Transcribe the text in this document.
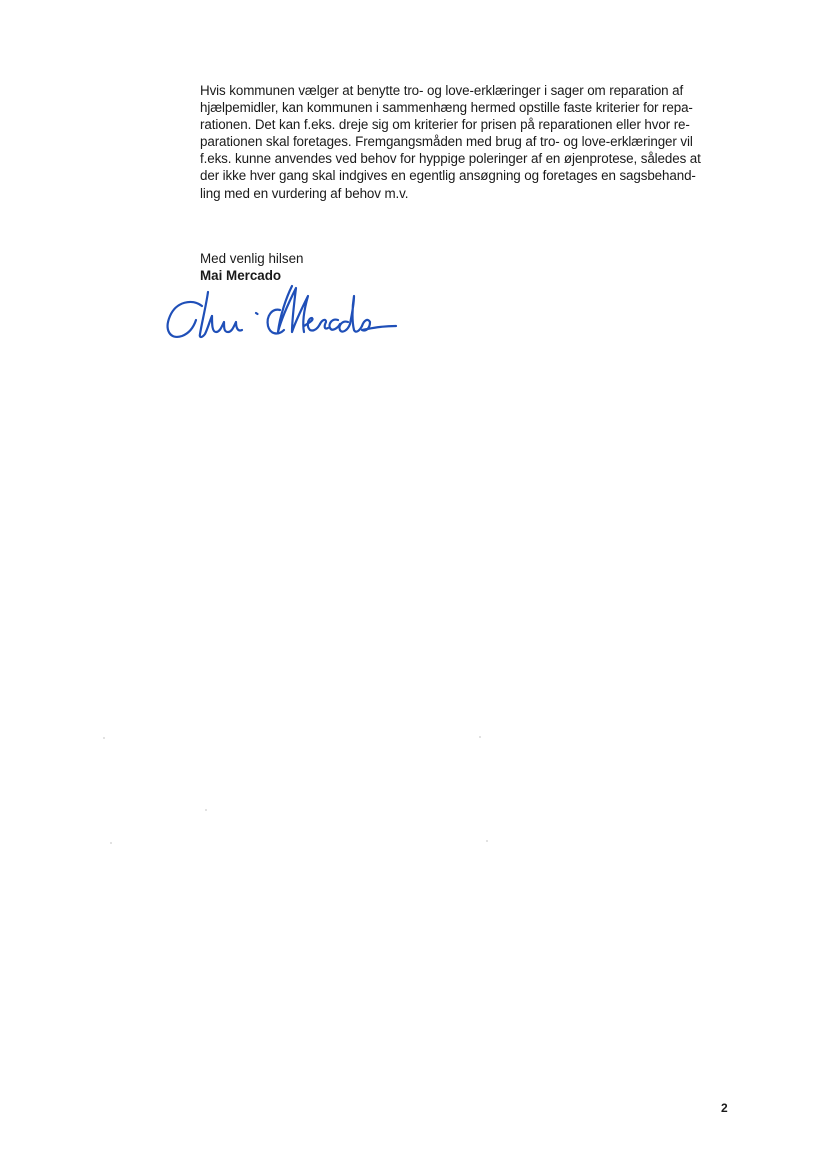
Hvis kommunen vælger at benytte tro- og love-erklæringer i sager om reparation af
hjælpemidler, kan kommunen i sammenhæng hermed opstille faste kriterier for repa-
rationen. Det kan f.eks. dreje sig om kriterier for prisen på reparationen eller hvor re-
parationen skal foretages. Fremgangsmåden med brug af tro- og love-erklæringer vil
f.eks. kunne anvendes ved behov for hyppige poleringer af en øjenprotese, således at
der ikke hver gang skal indgives en egentlig ansøgning og foretages en sagsbehand-
ling med en vurdering af behov m.v.
Med venlig hilsen
Mai Mercado
2
